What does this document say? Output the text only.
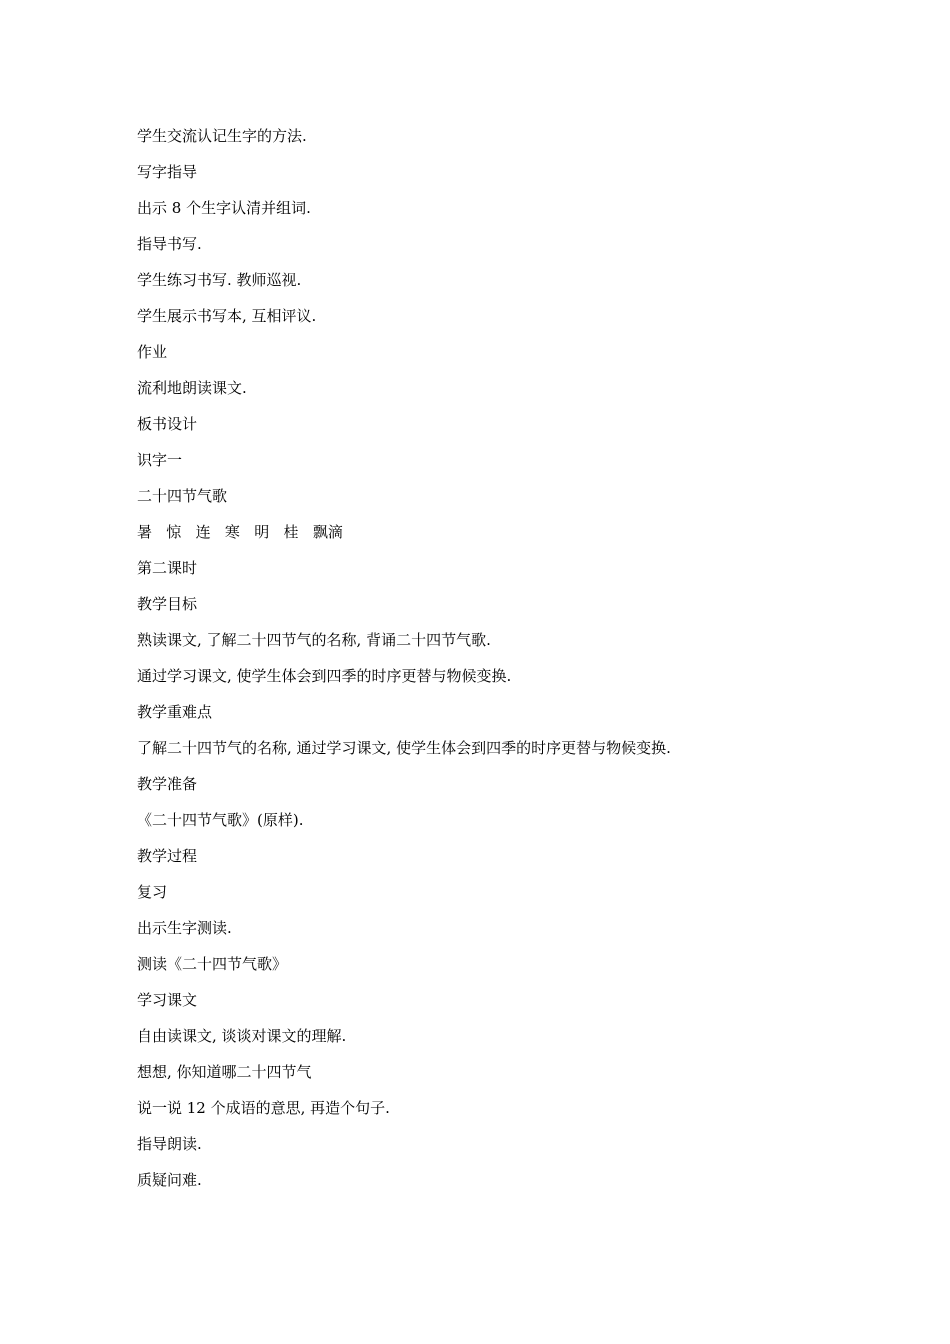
学生交流认记生字的方法.
写字指导
出示 8 个生字认清并组词.
指导书写.
学生练习书写. 教师巡视.
学生展示书写本, 互相评议.
作业
流利地朗读课文.
板书设计
识字一
二十四节气歌
暑   惊   连   寒   明   桂   飘滴
第二课时
教学目标
熟读课文, 了解二十四节气的名称, 背诵二十四节气歌.
通过学习课文, 使学生体会到四季的时序更替与物候变换.
教学重难点
了解二十四节气的名称, 通过学习课文, 使学生体会到四季的时序更替与物候变换.
教学准备
《二十四节气歌》(原样).
教学过程
复习
出示生字测读.
测读《二十四节气歌》
学习课文
自由读课文, 谈谈对课文的理解.
想想, 你知道哪二十四节气
说一说 12 个成语的意思, 再造个句子.
指导朗读.
质疑问难.
